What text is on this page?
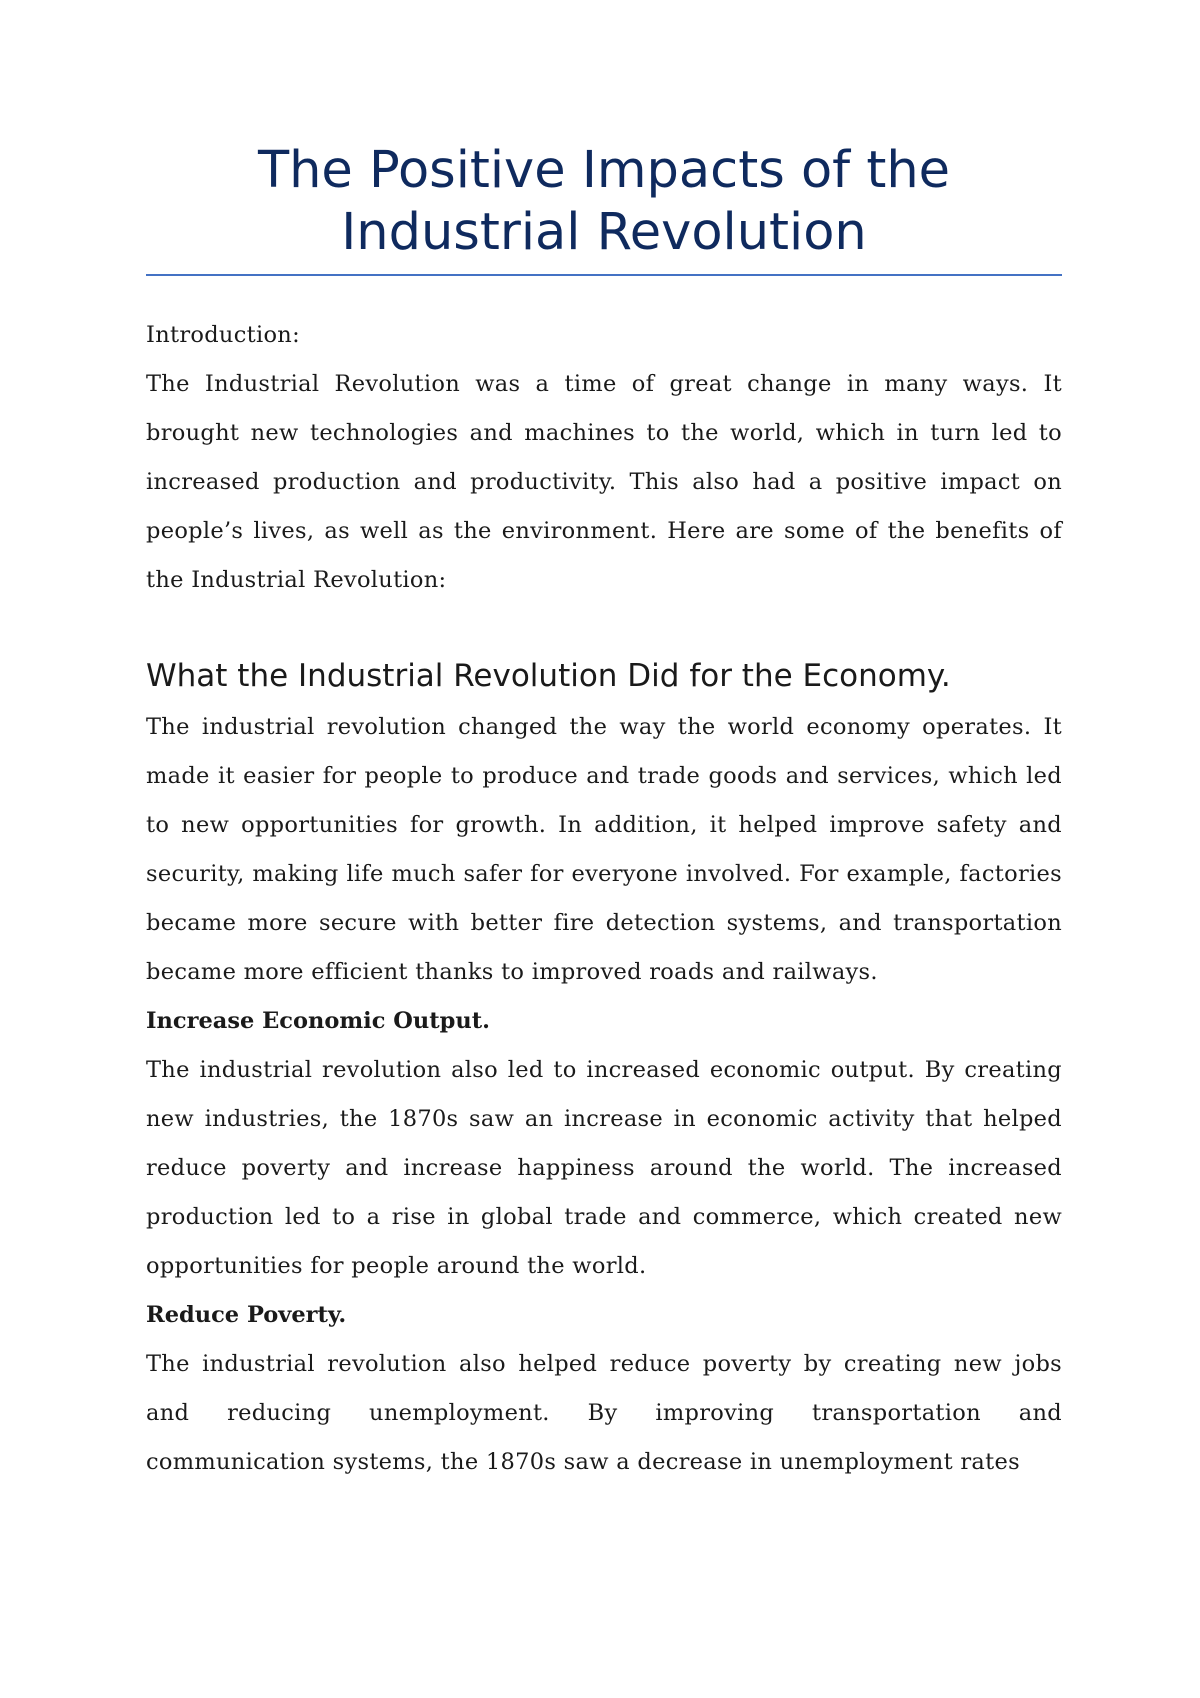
The Positive Impacts of the Industrial Revolution

Introduction:

The Industrial Revolution was a time of great change in many ways. It brought new technologies and machines to the world, which in turn led to increased production and productivity. This also had a positive impact on people’s lives, as well as the environment. Here are some of the benefits of the Industrial Revolution:

What the Industrial Revolution Did for the Economy.

The industrial revolution changed the way the world economy operates. It made it easier for people to produce and trade goods and services, which led to new opportunities for growth. In addition, it helped improve safety and security, making life much safer for everyone involved. For example, factories became more secure with better fire detection systems, and transportation became more efficient thanks to improved roads and railways.

Increase Economic Output.

The industrial revolution also led to increased economic output. By creating new industries, the 1870s saw an increase in economic activity that helped reduce poverty and increase happiness around the world. The increased production led to a rise in global trade and commerce, which created new opportunities for people around the world.

Reduce Poverty.

The industrial revolution also helped reduce poverty by creating new jobs and reducing unemployment. By improving transportation and communication systems, the 1870s saw a decrease in unemployment rates
